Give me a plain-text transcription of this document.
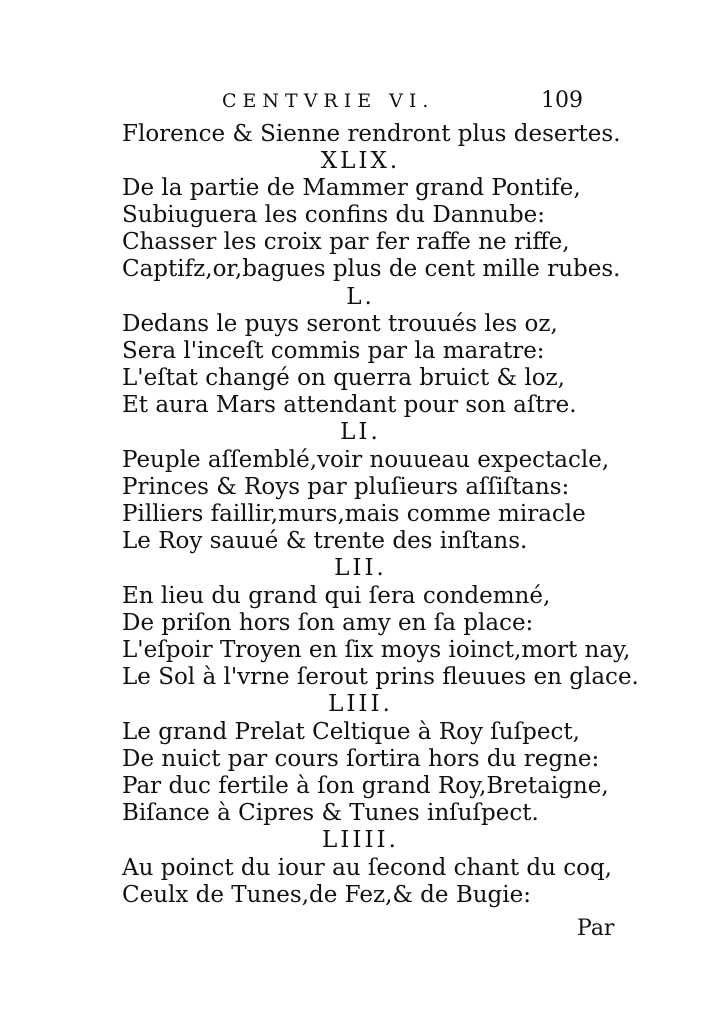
CENTVRIE VI.	109
Florence & Sienne rendront plus desertes.
XLIX.
De la partie de Mammer grand Pontife,
Subiuguera les confins du Dannube:
Chasser les croix par fer raffe ne riffe,
Captifz,or,bagues plus de cent mille rubes.
L.
Dedans le puys seront trouués les oz,
Sera l'inceſt commis par la maratre:
L'eſtat changé on querra bruict & loz,
Et aura Mars attendant pour son aſtre.
LI.
Peuple aſſemblé,voir nouueau expectacle,
Princes & Roys par pluſieurs aſſiſtans:
Pilliers faillir,murs,mais comme miracle
Le Roy sauué & trente des inſtans.
LII.
En lieu du grand qui ſera condemné,
De priſon hors ſon amy en ſa place:
L'eſpoir Troyen en ſix moys ioinct,mort nay,
Le Sol à l'vrne ſerout prins fleuues en glace.
LIII.
Le grand Prelat Celtique à Roy ſuſpect,
De nuict par cours ſortira hors du regne:
Par duc fertile à ſon grand Roy,Bretaigne,
Biſance à Cipres & Tunes inſuſpect.
LIIII.
Au poinct du iour au ſecond chant du coq,
Ceulx de Tunes,de Fez,& de Bugie:
Par
